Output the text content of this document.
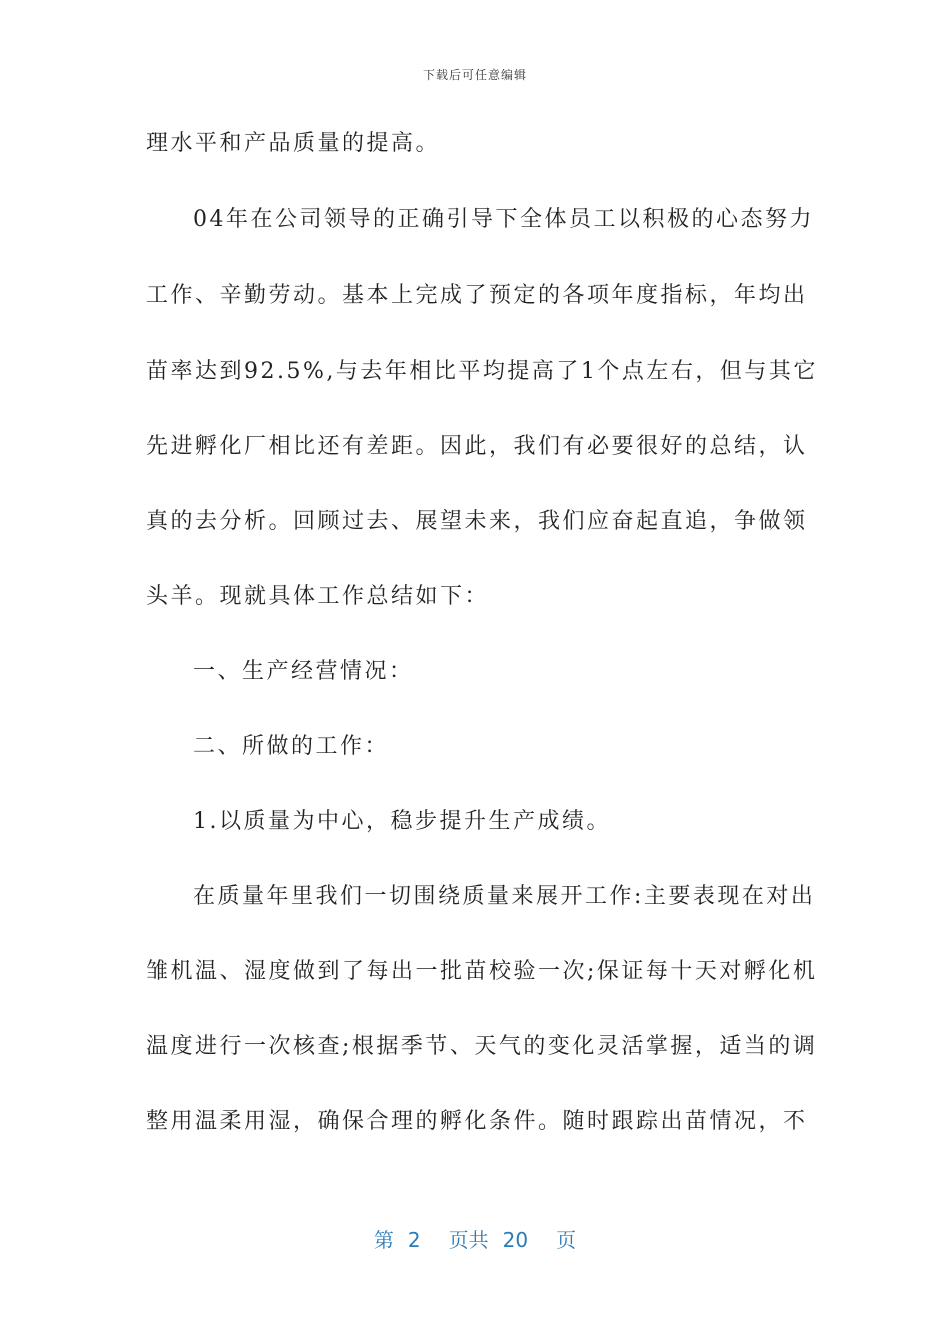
下载后可任意编辑
理水平和产品质量的提高。
04年在公司领导的正确引导下全体员工以积极的心态努力
工作、辛勤劳动。基本上完成了预定的各项年度指标，年均出
苗率达到92.5%,与去年相比平均提高了1个点左右，但与其它
先进孵化厂相比还有差距。因此，我们有必要很好的总结，认
真的去分析。回顾过去、展望未来，我们应奋起直追，争做领
头羊。现就具体工作总结如下：
一、生产经营情况：
二、所做的工作：
1.以质量为中心，稳步提升生产成绩。
在质量年里我们一切围绕质量来展开工作:主要表现在对出
雏机温、湿度做到了每出一批苗校验一次;保证每十天对孵化机
温度进行一次核查;根据季节、天气的变化灵活掌握，适当的调
整用温柔用湿，确保合理的孵化条件。随时跟踪出苗情况，不
第 2 页共 20 页
